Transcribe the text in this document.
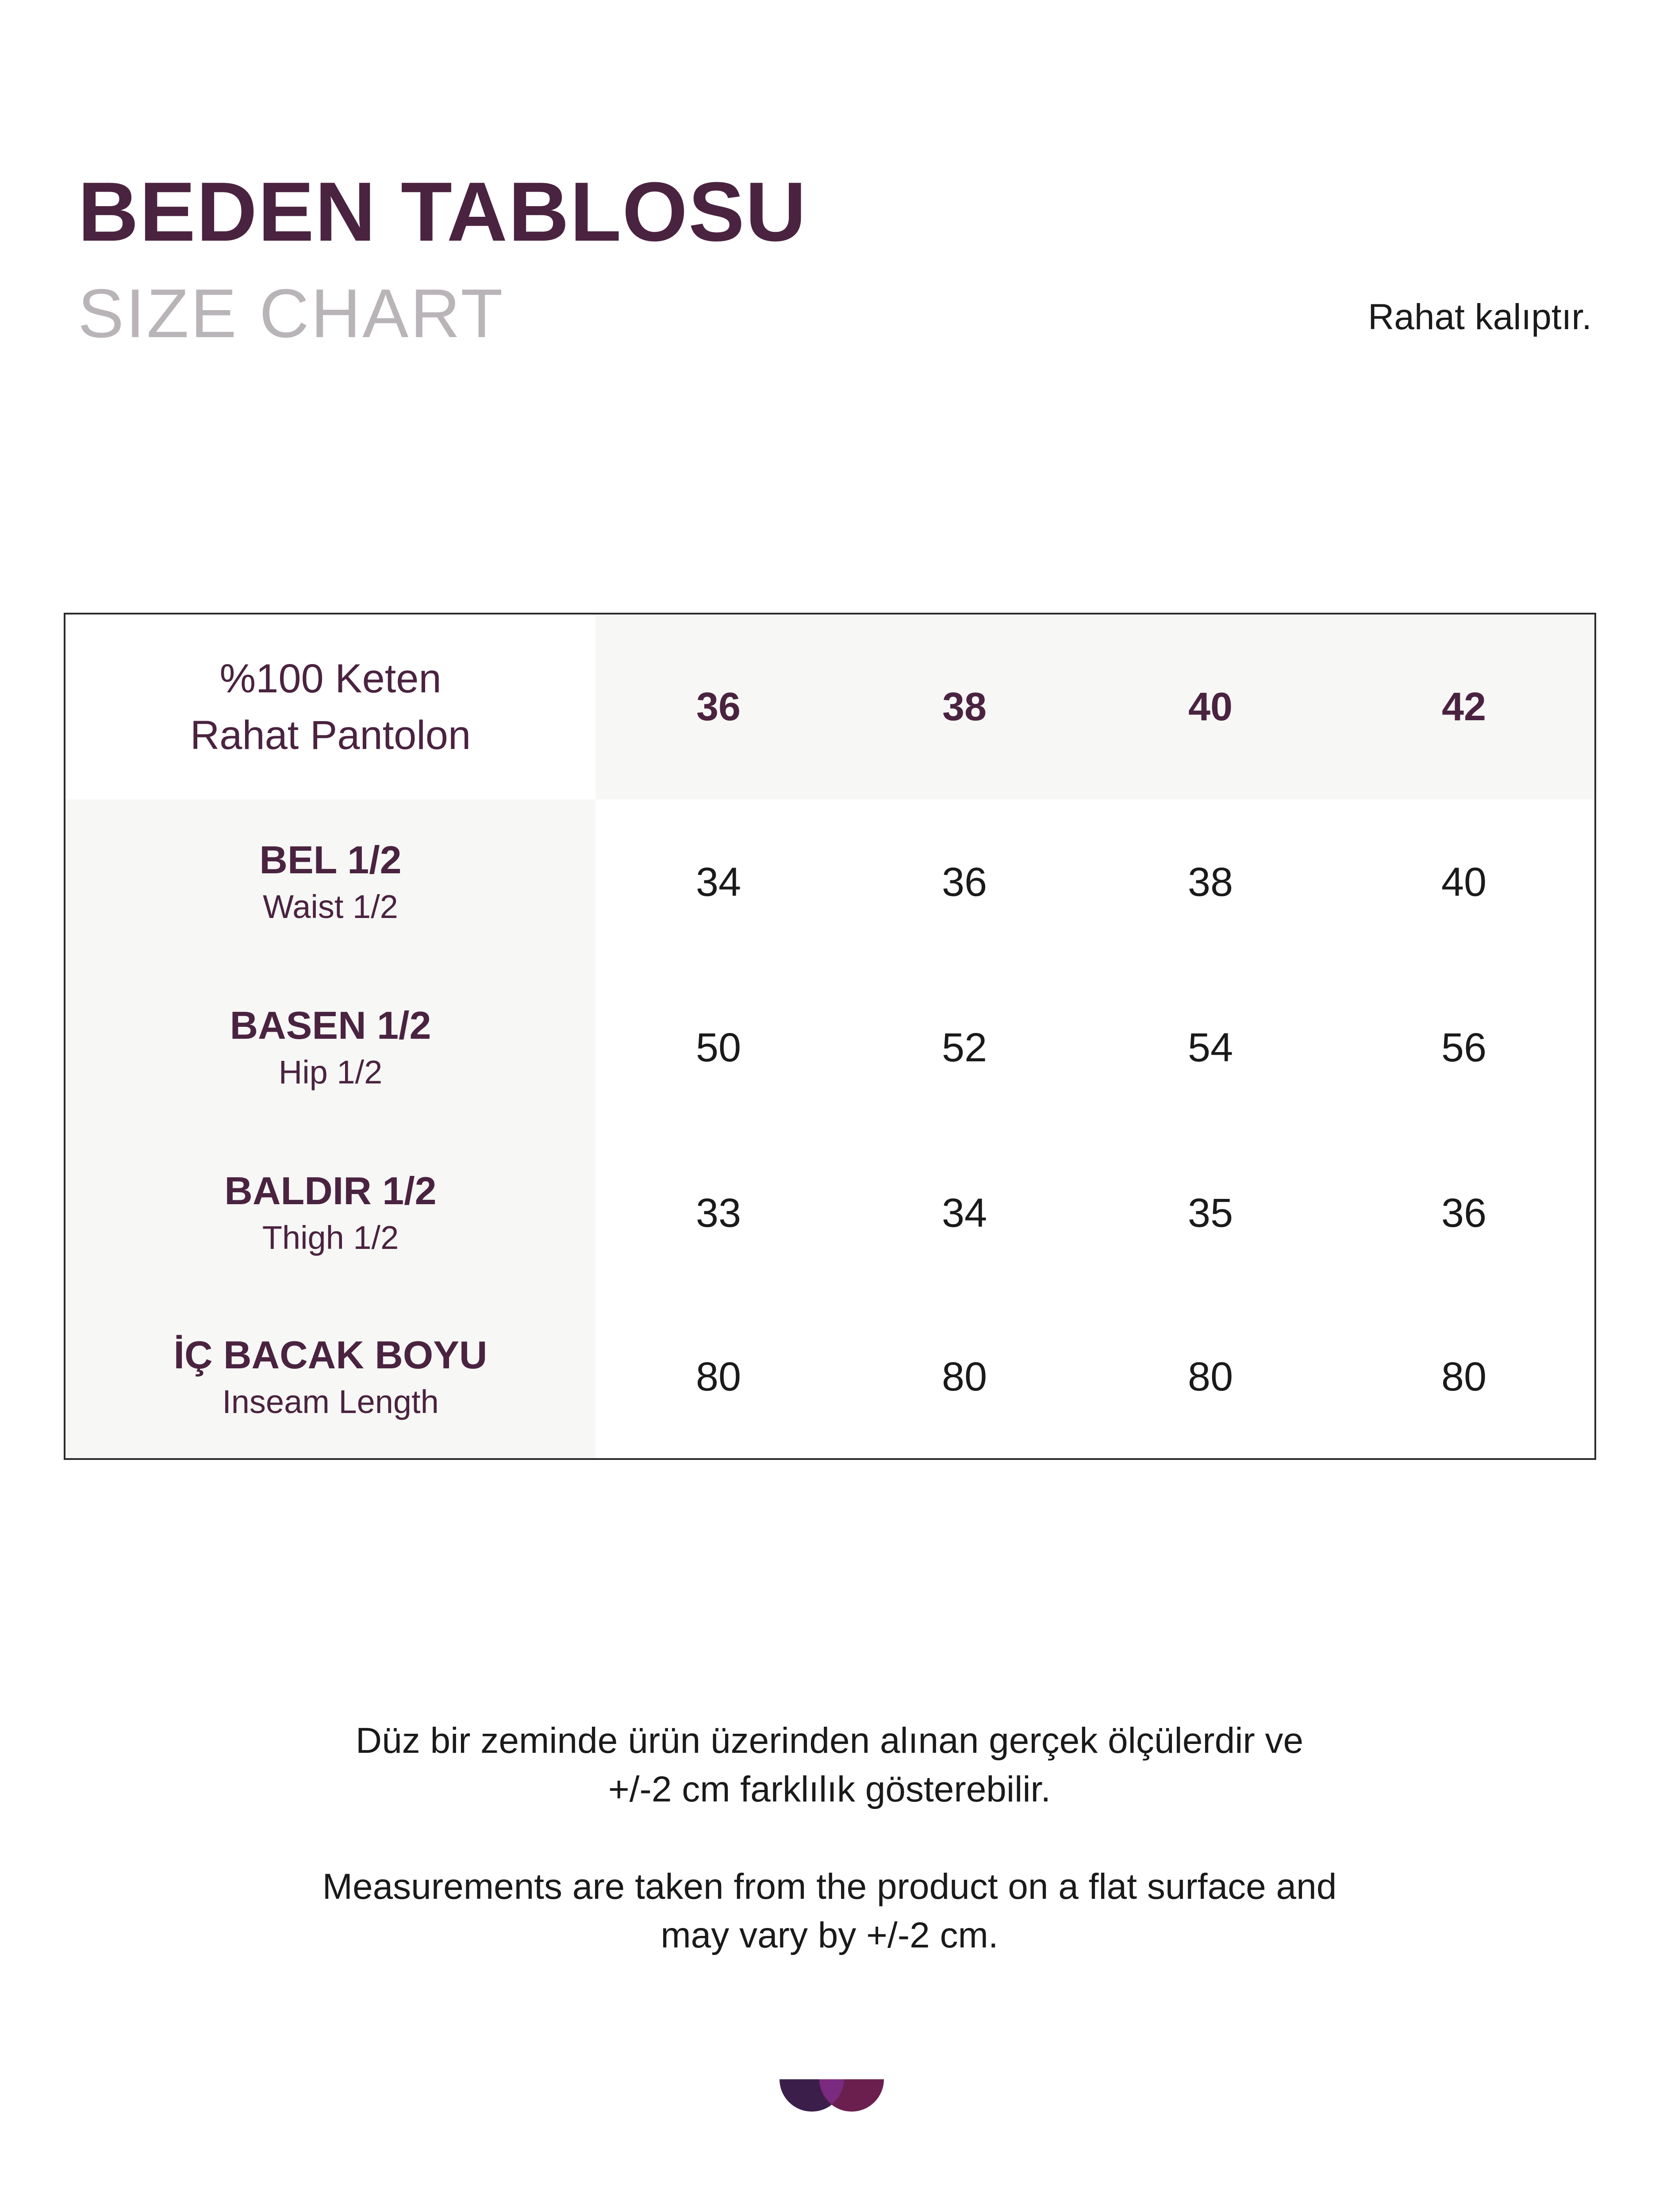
BEDEN TABLOSU
SIZE CHART	Rahat kalıptır.
%100 Keten
Rahat Pantolon
36	38	40	42
BEL 1/2
Waist 1/2
34	36	38	40
BASEN 1/2
Hip 1/2
50	52	54	56
BALDIR 1/2
Thigh 1/2
33	34	35	36
İÇ BACAK BOYU
Inseam Length
80	80	80	80
Düz bir zeminde ürün üzerinden alınan gerçek ölçülerdir ve
+/-2 cm farklılık gösterebilir.
Measurements are taken from the product on a flat surface and
may vary by +/-2 cm.
